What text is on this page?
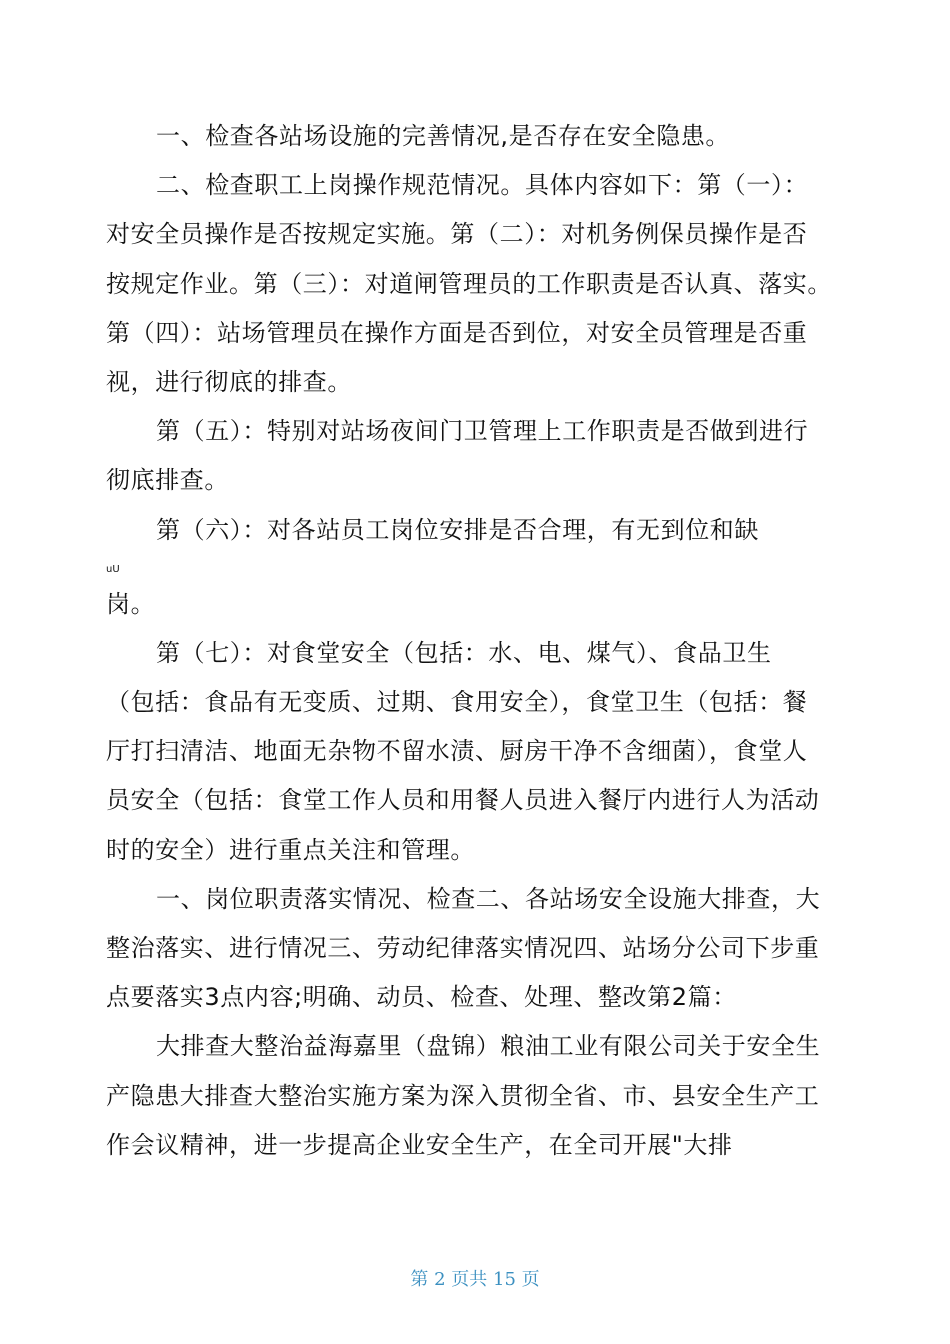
一、检查各站场设施的完善情况,是否存在安全隐患。
二、检查职工上岗操作规范情况。具体内容如下：第（一）：
对安全员操作是否按规定实施。第（二）：对机务例保员操作是否
按规定作业。第（三）：对道闸管理员的工作职责是否认真、落实。
第（四）：站场管理员在操作方面是否到位，对安全员管理是否重
视，进行彻底的排查。
第（五）：特别对站场夜间门卫管理上工作职责是否做到进行
彻底排查。
第（六）：对各站员工岗位安排是否合理，有无到位和缺
uU
岗。
第（七）：对食堂安全（包括：水、电、煤气）、食品卫生
（包括：食品有无变质、过期、食用安全），食堂卫生（包括：餐
厅打扫清洁、地面无杂物不留水渍、厨房干净不含细菌），食堂人
员安全（包括：食堂工作人员和用餐人员进入餐厅内进行人为活动
时的安全）进行重点关注和管理。
一、岗位职责落实情况、检查二、各站场安全设施大排查，大
整治落实、进行情况三、劳动纪律落实情况四、站场分公司下步重
点要落实3点内容;明确、动员、检查、处理、整改第2篇：
大排查大整治益海嘉里（盘锦）粮油工业有限公司关于安全生
产隐患大排查大整治实施方案为深入贯彻全省、市、县安全生产工
作会议精神，进一步提高企业安全生产，在全司开展"大排
第 2 页共 15 页
